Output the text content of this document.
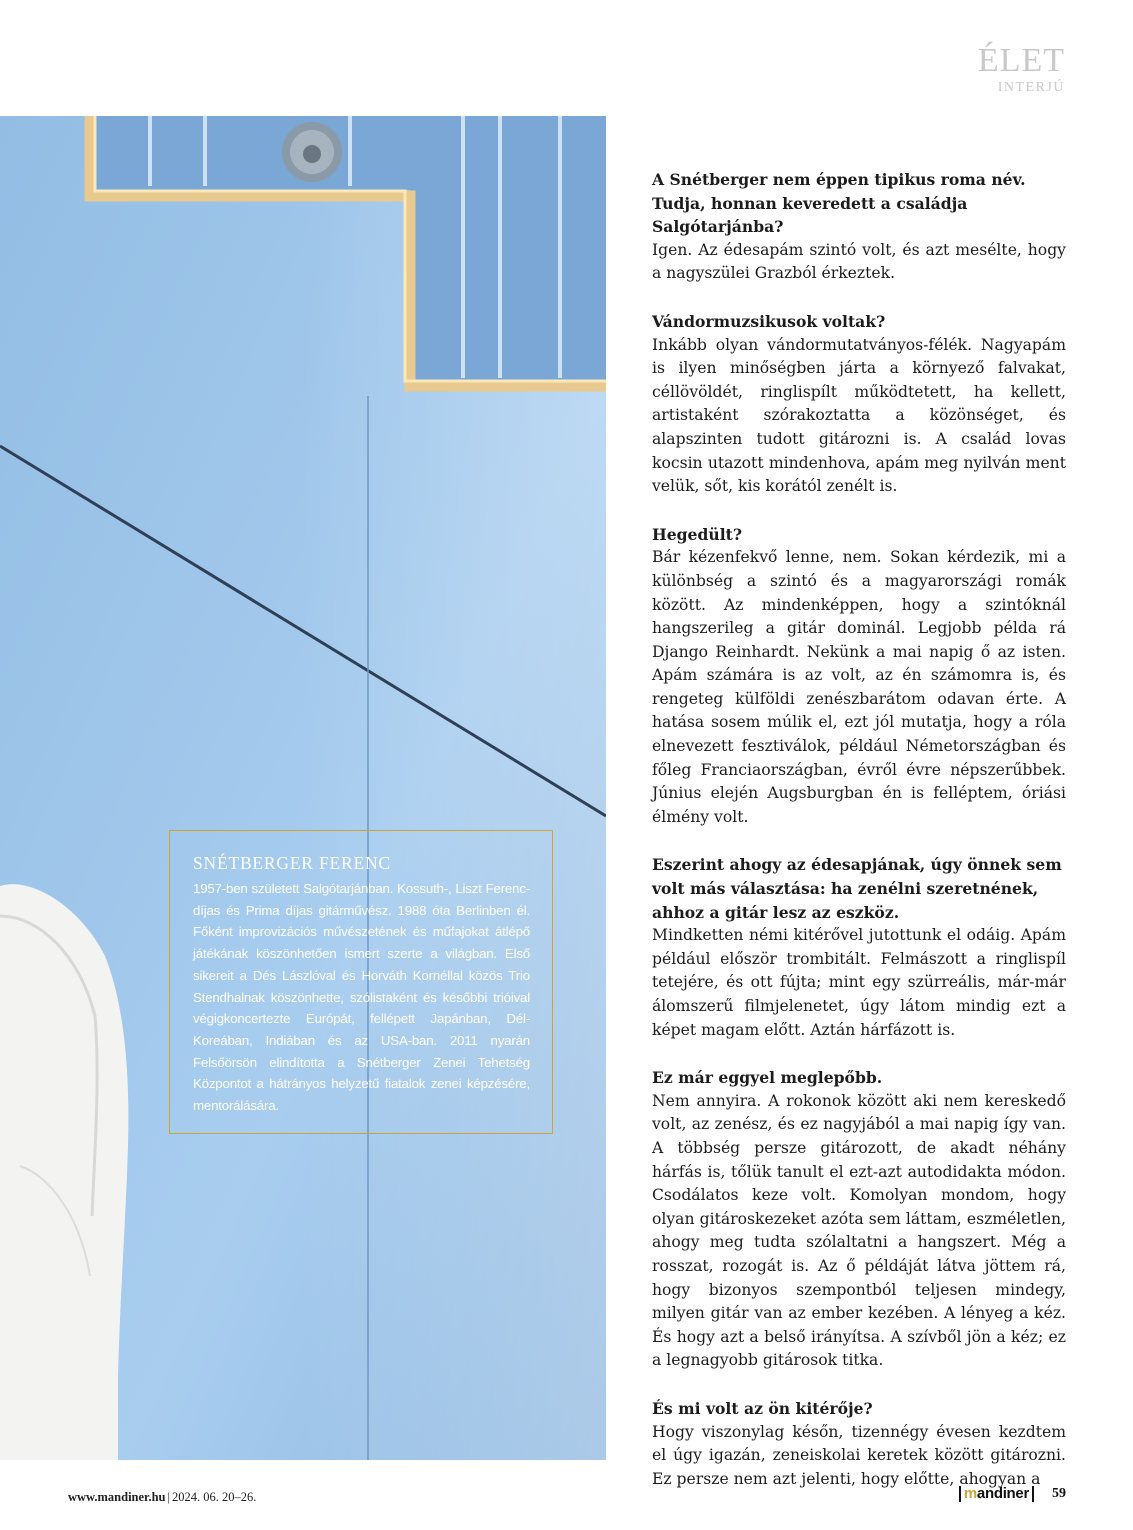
ÉLET
INTERJÚ
SNÉTBERGER FERENC
1957-ben született Salgótarjánban. Kossuth-, Liszt Ferenc-díjas és Prima díjas gitárművész. 1988 óta Berlinben él. Főként improvizációs művészetének és műfajokat átlépő játékának köszönhetően ismert szerte a világban. Első sikereit a Dés Lászlóval és Horváth Kornéllal közös Trio Stendhalnak köszönhette, szólistaként és későbbi trióival végigkoncertezte Európát, fellépett Japánban, Dél-Koreában, Indiában és az USA-ban. 2011 nyarán Felsőörsön elindította a Snétberger Zenei Tehetség Központot a hátrányos helyzetű fiatalok zenei képzésére, mentorálására.

A Snétberger nem éppen tipikus roma név. Tudja, honnan keveredett a családja Salgótarjánba?

Igen. Az édesapám szintó volt, és azt mesélte, hogy a nagyszülei Grazból érkeztek.

Vándormuzsikusok voltak?

Inkább olyan vándormutatványos-félék. Nagyapám is ilyen minőségben járta a környező falvakat, céllövöldét, ringlispílt működtetett, ha kellett, artistaként szórakoztatta a közönséget, és alapszinten tudott gitározni is. A család lovas kocsin utazott mindenhova, apám meg nyilván ment velük, sőt, kis korától zenélt is.

Hegedült?

Bár kézenfekvő lenne, nem. Sokan kérdezik, mi a különbség a szintó és a magyarországi romák között. Az mindenképpen, hogy a szintóknál hangszerileg a gitár dominál. Legjobb példa rá Django Reinhardt. Nekünk a mai napig ő az isten. Apám számára is az volt, az én számomra is, és rengeteg külföldi zenészbarátom odavan érte. A hatása sosem múlik el, ezt jól mutatja, hogy a róla elnevezett fesztiválok, például Németországban és főleg Franciaországban, évről évre népszerűbbek. Június elején Augsburgban én is felléptem, óriási élmény volt.

Eszerint ahogy az édesapjának, úgy önnek sem volt más választása: ha zenélni szeretnének, ahhoz a gitár lesz az eszköz.

Mindketten némi kitérővel jutottunk el odáig. Apám például először trombitált. Felmászott a ringlispíl tetejére, és ott fújta; mint egy szürreális, már-már álomszerű filmjelenetet, úgy látom mindig ezt a képet magam előtt. Aztán hárfázott is.

Ez már eggyel meglepőbb.

Nem annyira. A rokonok között aki nem kereskedő volt, az zenész, és ez nagyjából a mai napig így van. A többség persze gitározott, de akadt néhány hárfás is, tőlük tanult el ezt-azt autodidakta módon. Csodálatos keze volt. Komolyan mondom, hogy olyan gitároskezeket azóta sem láttam, eszméletlen, ahogy meg tudta szólaltatni a hangszert. Még a rosszat, rozogát is. Az ő példáját látva jöttem rá, hogy bizonyos szempontból teljesen mindegy, milyen gitár van az ember kezében. A lényeg a kéz. És hogy azt a belső irányítsa. A szívből jön a kéz; ez a legnagyobb gitárosok titka.

És mi volt az ön kitérője?

Hogy viszonylag későn, tizennégy évesen kezdtem el úgy igazán, zeneiskolai keretek között gitározni. Ez persze nem azt jelenti, hogy előtte, ahogyan a

www.mandiner.hu | 2024. 06. 20–26.	mandiner	59
